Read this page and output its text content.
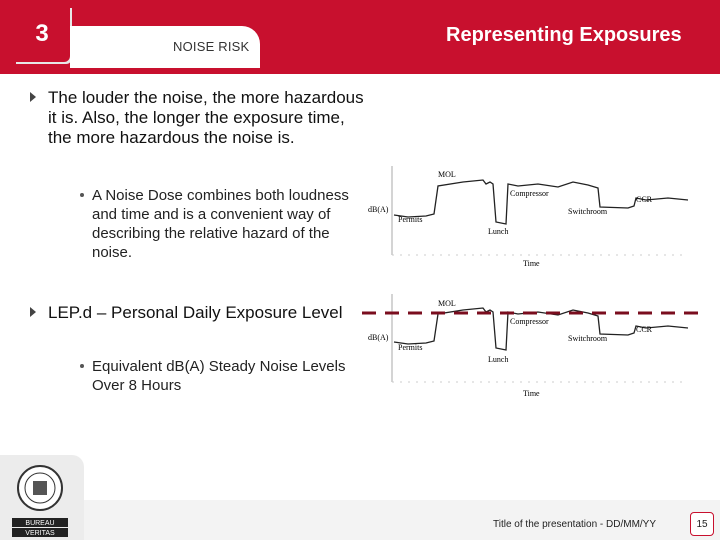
3	NOISE RISK
Representing Exposures
The louder the noise, the more hazardous it is. Also, the longer the exposure time, the more hazardous the noise is.
A Noise Dose combines both loudness and time and is a convenient way of describing the relative hazard of the noise.
LEP.d – Personal Daily Exposure Level
Equivalent dB(A) Steady Noise Levels Over 8 Hours
MOL
Compressor
CCR
Switchroom
Permits
Lunch
dB(A)
Time
MOL
Compressor
CCR
Switchroom
Permits
Lunch
dB(A)
Time
BUREAU
VERITAS
Title of the presentation - DD/MM/YY	15
